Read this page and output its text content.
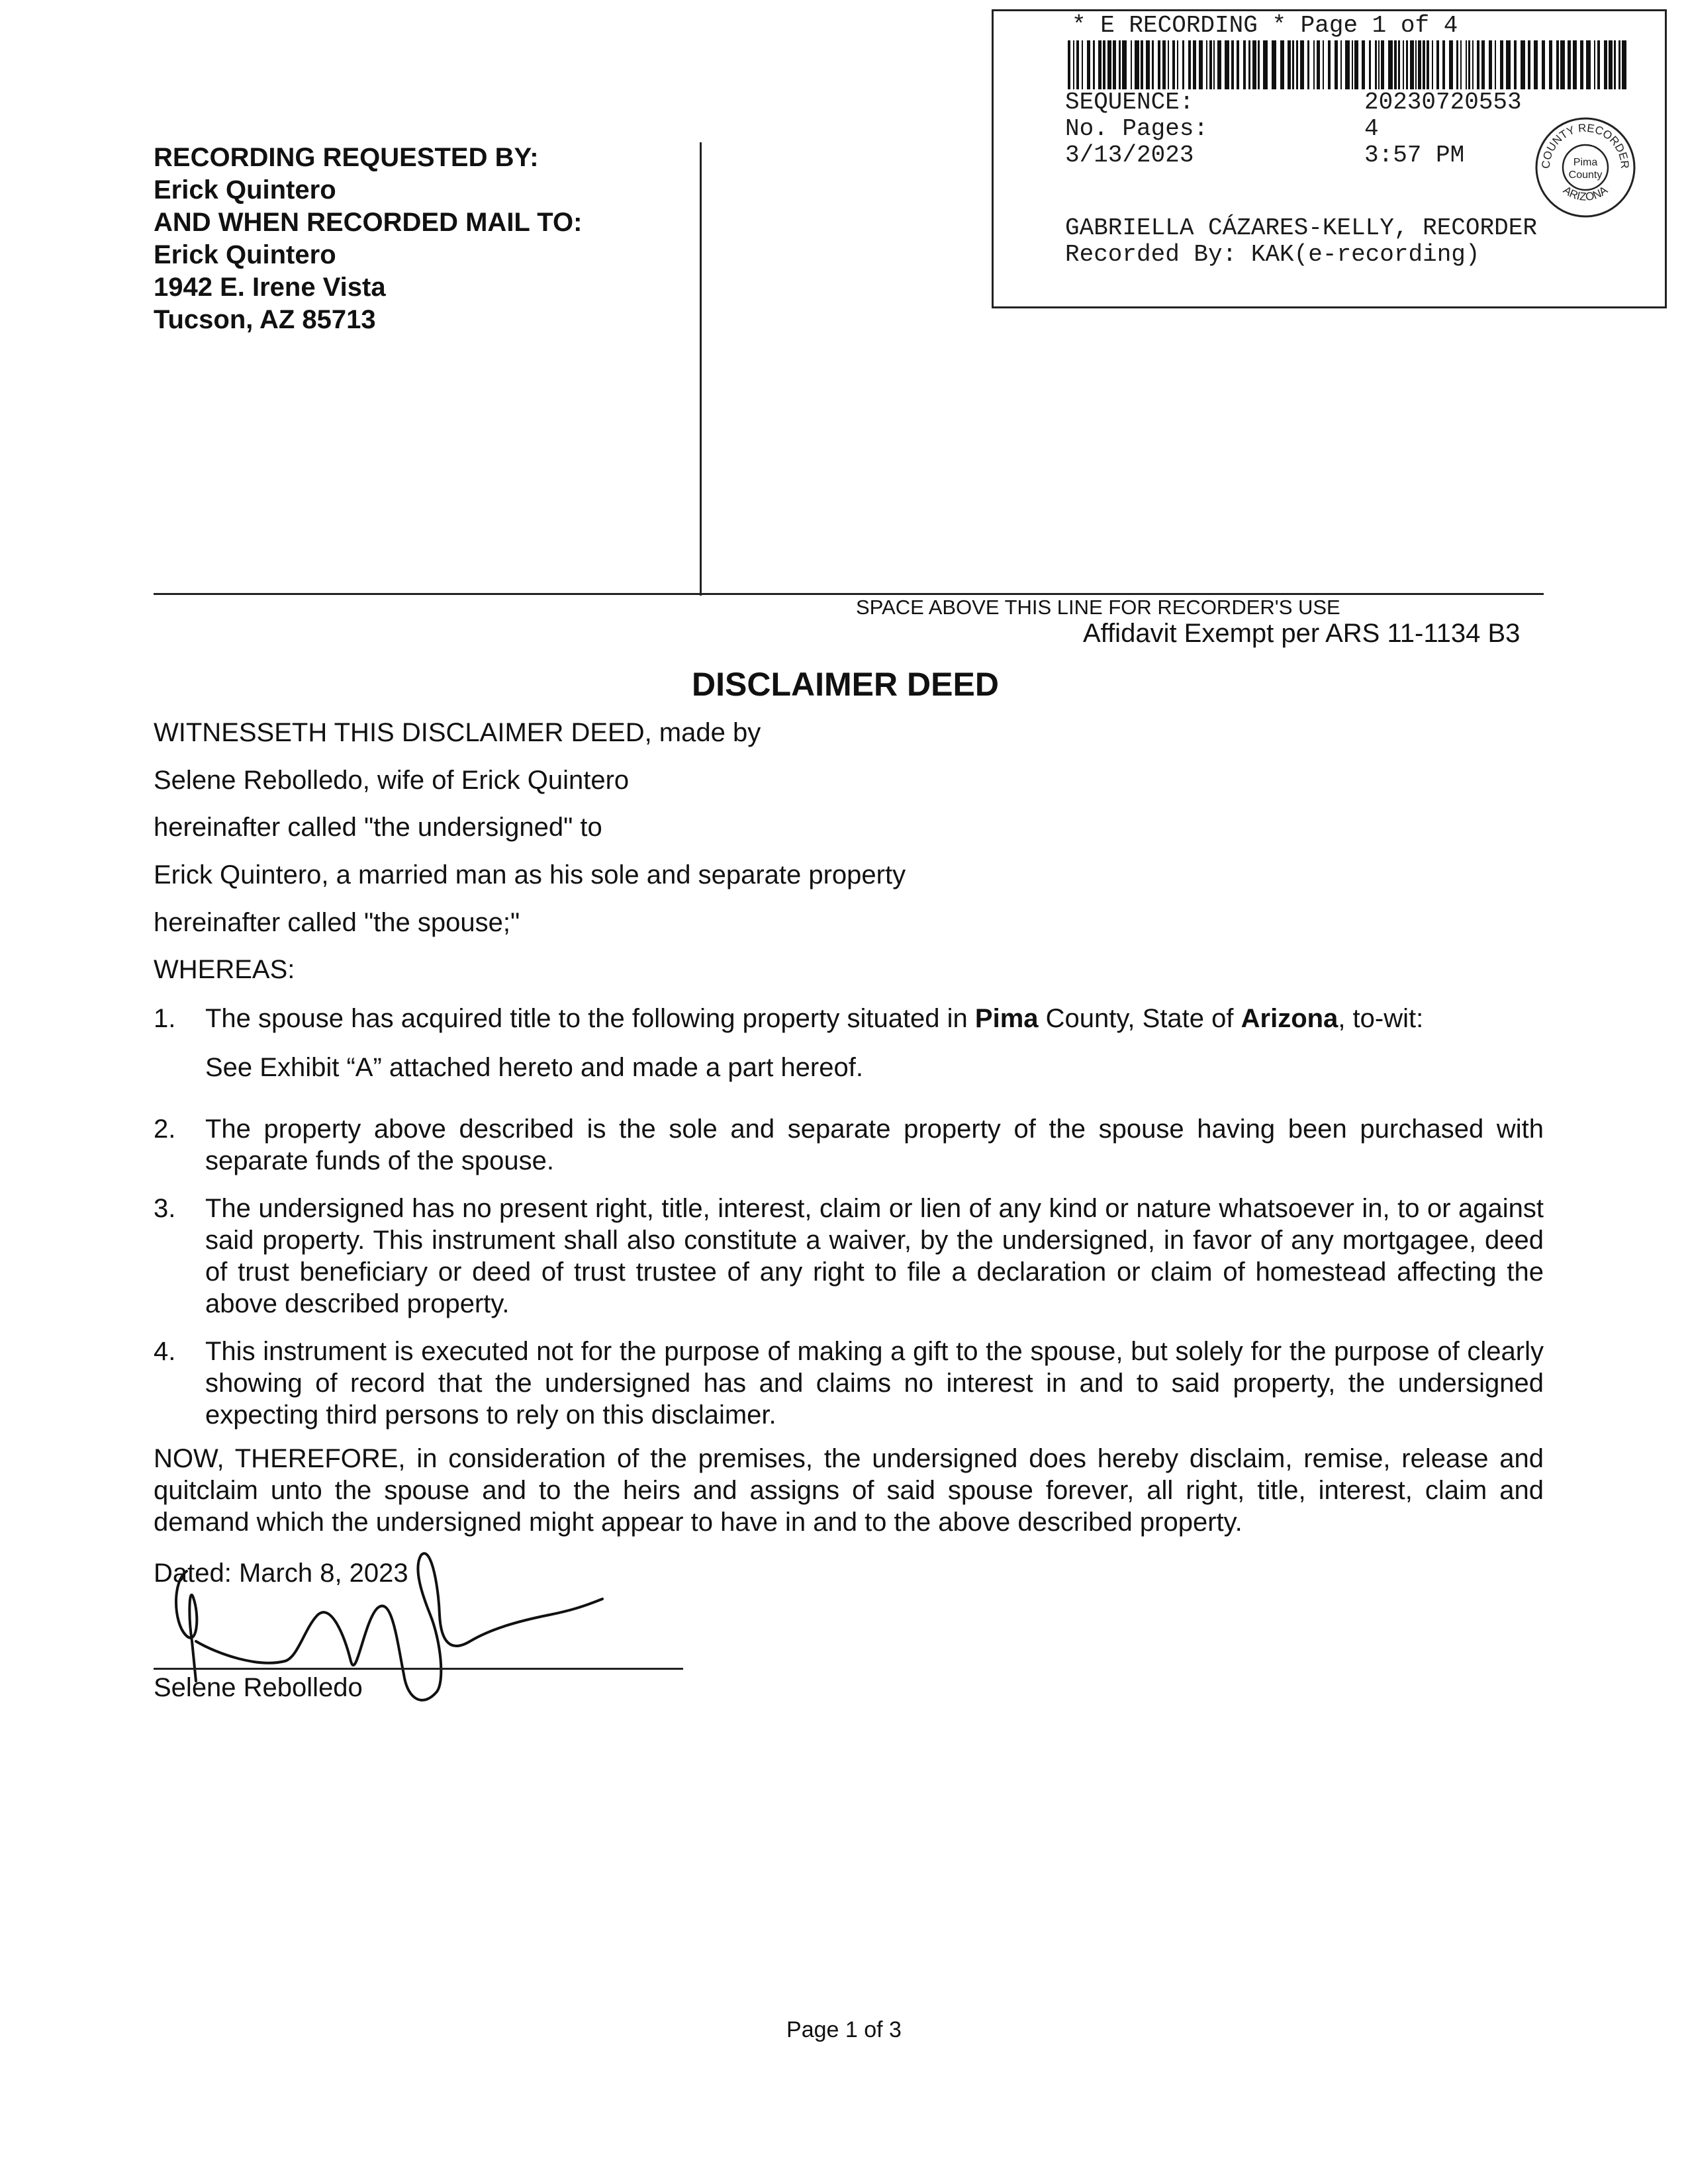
* E RECORDING * Page 1 of 4
SEQUENCE:	20230720553
No. Pages:	4
3/13/2023	3:57 PM	COUNTY RECORDER
ARIZONA
Pima
County
GABRIELLA CÁZARES-KELLY, RECORDER
Recorded By: KAK(e-recording)
RECORDING REQUESTED BY:
Erick Quintero
AND WHEN RECORDED MAIL TO:
Erick Quintero
1942 E. Irene Vista
Tucson, AZ 85713
SPACE ABOVE THIS LINE FOR RECORDER'S USE
Affidavit Exempt per ARS 11-1134 B3
DISCLAIMER DEED
WITNESSETH THIS DISCLAIMER DEED, made by
Selene Rebolledo, wife of Erick Quintero
hereinafter called "the undersigned" to
Erick Quintero, a married man as his sole and separate property
hereinafter called "the spouse;"
WHEREAS:
1. The spouse has acquired title to the following property situated in Pima County, State of Arizona, to-wit:
See Exhibit “A” attached hereto and made a part hereof.
2. The property above described is the sole and separate property of the spouse having been purchased with separate funds of the spouse.
3. The undersigned has no present right, title, interest, claim or lien of any kind or nature whatsoever in, to or against said property. This instrument shall also constitute a waiver, by the undersigned, in favor of any mortgagee, deed of trust beneficiary or deed of trust trustee of any right to file a declaration or claim of homestead affecting the above described property.
4. This instrument is executed not for the purpose of making a gift to the spouse, but solely for the purpose of clearly showing of record that the undersigned has and claims no interest in and to said property, the undersigned expecting third persons to rely on this disclaimer.
NOW, THEREFORE, in consideration of the premises, the undersigned does hereby disclaim, remise, release and quitclaim unto the spouse and to the heirs and assigns of said spouse forever, all right, title, interest, claim and demand which the undersigned might appear to have in and to the above described property.
Dated: March 8, 2023
Selene Rebolledo
Page 1 of 3
